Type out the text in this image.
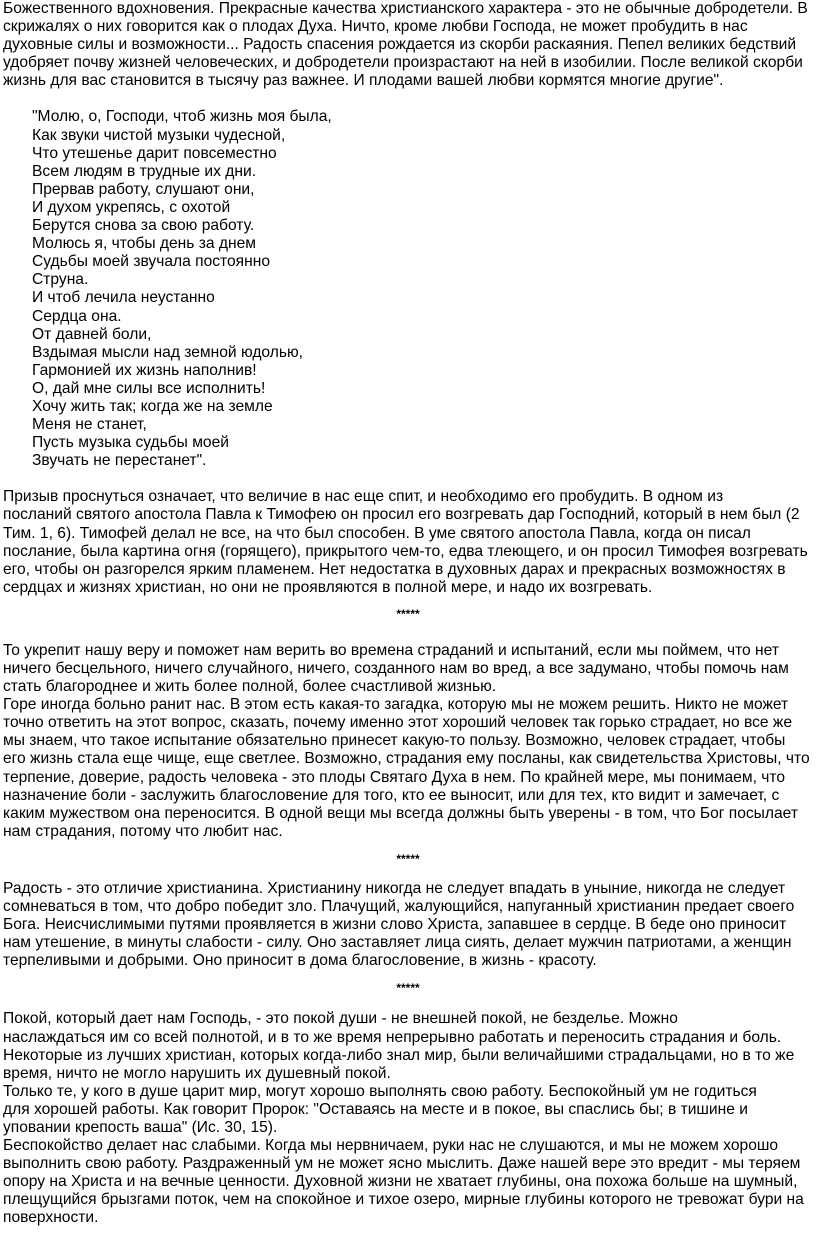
Божественного вдохновения. Прекрасные качества христианского характера - это не обычные добродетели. В
скрижалях о них говорится как о плодах Духа. Ничто, кроме любви Господа, не может пробудить в нас
духовные силы и возможности... Радость спасения рождается из скорби раскаяния. Пепел великих бедствий
удобряет почву жизней человеческих, и добродетели произрастают на ней в изобилии. После великой скорби
жизнь для вас становится в тысячу раз важнее. И плодами вашей любви кормятся многие другие".

"Молю, о, Господи, чтоб жизнь моя была,
Как звуки чистой музыки чудесной,
Что утешенье дарит повсеместно
Всем людям в трудные их дни.
Прервав работу, слушают они,
И духом укрепясь, с охотой
Берутся снова за свою работу.
Молюсь я, чтобы день за днем
Судьбы моей звучала постоянно
Струна.
И чтоб лечила неустанно
Сердца она.
От давней боли,
Вздымая мысли над земной юдолью,
Гармонией их жизнь наполнив!
О, дай мне силы все исполнить!
Хочу жить так; когда же на земле
Меня не станет,
Пусть музыка судьбы моей
Звучать не перестанет".

Призыв проснуться означает, что величие в нас еще спит, и необходимо его пробудить. В одном из
посланий святого апостола Павла к Тимофею он просил его возгревать дар Господний, который в нем был (2
Тим. 1, 6). Тимофей делал не все, на что был способен. В уме святого апостола Павла, когда он писал
послание, была картина огня (горящего), прикрытого чем-то, едва тлеющего, и он просил Тимофея возгревать
его, чтобы он разгорелся ярким пламенем. Нет недостатка в духовных дарах и прекрасных возможностях в
сердцах и жизнях христиан, но они не проявляются в полной мере, и надо их возгревать.

*****

То укрепит нашу веру и поможет нам верить во времена страданий и испытаний, если мы поймем, что нет
ничего бесцельного, ничего случайного, ничего, созданного нам во вред, а все задумано, чтобы помочь нам
стать благороднее и жить более полной, более счастливой жизнью.

Горе иногда больно ранит нас. В этом есть какая-то загадка, которую мы не можем решить. Никто не может
точно ответить на этот вопрос, сказать, почему именно этот хороший человек так горько страдает, но все же
мы знаем, что такое испытание обязательно принесет какую-то пользу. Возможно, человек страдает, чтобы
его жизнь стала еще чище, еще светлее. Возможно, страдания ему посланы, как свидетельства Христовы, что
терпение, доверие, радость человека - это плоды Святаго Духа в нем. По крайней мере, мы понимаем, что
назначение боли - заслужить благословение для того, кто ее выносит, или для тех, кто видит и замечает, с
каким мужеством она переносится. В одной вещи мы всегда должны быть уверены - в том, что Бог посылает
нам страдания, потому что любит нас.

*****

Радость - это отличие христианина. Христианину никогда не следует впадать в уныние, никогда не следует
сомневаться в том, что добро победит зло. Плачущий, жалующийся, напуганный христианин предает своего
Бога. Неисчислимыми путями проявляется в жизни слово Христа, запавшее в сердце. В беде оно приносит
нам утешение, в минуты слабости - силу. Оно заставляет лица сиять, делает мужчин патриотами, а женщин
терпеливыми и добрыми. Оно приносит в дома благословение, в жизнь - красоту.

*****

Покой, который дает нам Господь, - это покой души - не внешней покой, не безделье. Можно
наслаждаться им со всей полнотой, и в то же время непрерывно работать и переносить страдания и боль.
Некоторые из лучших христиан, которых когда-либо знал мир, были величайшими страдальцами, но в то же
время, ничто не могло нарушить их душевный покой.

Только те, у кого в душе царит мир, могут хорошо выполнять свою работу. Беспокойный ум не годиться
для хорошей работы. Как говорит Пророк: "Оставаясь на месте и в покое, вы спаслись бы; в тишине и
уповании крепость ваша" (Ис. 30, 15).

Беспокойство делает нас слабыми. Когда мы нервничаем, руки нас не слушаются, и мы не можем хорошо
выполнить свою работу. Раздраженный ум не может ясно мыслить. Даже нашей вере это вредит - мы теряем
опору на Христа и на вечные ценности. Духовной жизни не хватает глубины, она похожа больше на шумный,
плещущийся брызгами поток, чем на спокойное и тихое озеро, мирные глубины которого не тревожат бури на
поверхности.
